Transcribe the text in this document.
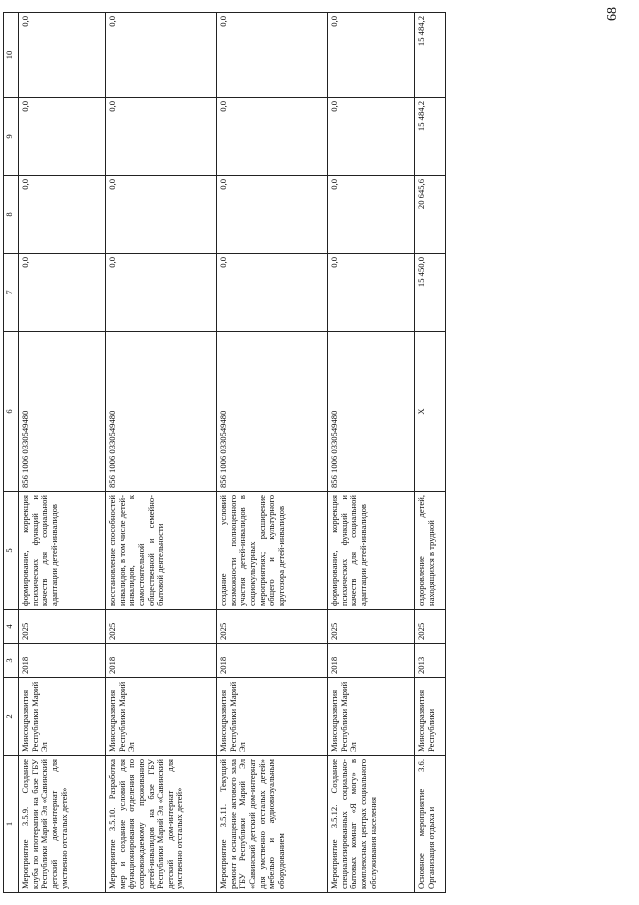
68
1	2	3	4	5	6	7	8	9	10
Мероприятие 3.5.9. Создание клуба по ипотерапии на базе ГБУ Республики Марий Эл «Савинский детский дом-интернат для умственно отсталых детей»	Минсоцразвития Республики Марий Эл	2018	2025	формирование, коррекция психических функций и качеств для социальной адаптации детей-инвалидов	856 1006 0330549480	0,0	0,0	0,0	0,0
Мероприятие 3.5.10. Разработка мер и создание условий для функционирования отделения по сопровождаемому проживанию детей-инвалидов на базе ГБУ Республики Марий Эл «Савинский детский дом-интернат для умственно отсталых детей»	Минсоцразвития Республики Марий Эл	2018	2025	восстановление способностей инвалидов, в том числе детей-инвалидов, к самостоятельной общественной и семейно-бытовой деятельности	856 1006 0330549480	0,0	0,0	0,0	0,0
Мероприятие 3.5.11. Текущий ремонт и оснащение актового зала ГБУ Республики Марий Эл «Савинский детский дом-интернат для умственно отсталых детей» мебелью и аудиовизуальным оборудованием	Минсоцразвития Республики Марий Эл	2018	2025	создание условий возможности полноценного участия детей-инвалидов в социокультурных мероприятиях; расширение общего и культурного кругозора детей-инвалидов	856 1006 0330549480	0,0	0,0	0,0	0,0
Мероприятие 3.5.12. Создание специализированных социально-бытовых комнат «Я могу» в комплексных центрах социального обслуживания населения	Минсоцразвития Республики Марий Эл	2018	2025	формирование, коррекция психических функций и качеств для социальной адаптации детей-инвалидов	856 1006 0330549480	0,0	0,0	0,0	0,0
Основное мероприятие 3.6. Организация отдыха и	Минсоцразвития Республики	2013	2025	оздоровление детей, находящихся в трудной	Х	15 450,0	20 645,6	15 484,2	15 484,2
